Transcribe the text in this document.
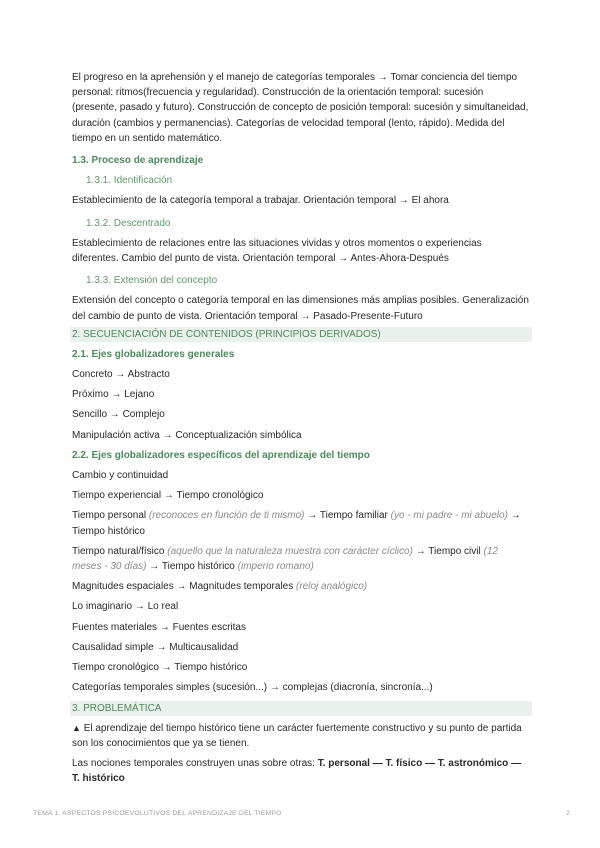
El progreso en la aprehensión y el manejo de categorías temporales → Tomar conciencia del tiempo personal: ritmos(frecuencia y regularidad). Construcción de la orientación temporal: sucesión (presente, pasado y futuro). Construcción de concepto de posición temporal: sucesión y simultaneidad, duración (cambios y permanencias). Categorías de velocidad temporal (lento, rápido). Medida del tiempo en un sentido matemático.

1.3. Proceso de aprendizaje

1.3.1. Identificación

Establecimiento de la categoría temporal a trabajar. Orientación temporal → El ahora

1.3.2. Descentrado

Establecimiento de relaciones entre las situaciones vividas y otros momentos o experiencias diferentes. Cambio del punto de vista. Orientación temporal → Antes-Ahora-Después

1.3.3. Extensión del concepto

Extensión del concepto o categoría temporal en las dimensiones más amplias posibles. Generalización del cambio de punto de vista. Orientación temporal → Pasado-Presente-Futuro

2. SECUENCIACIÓN DE CONTENIDOS (PRINCIPIOS DERIVADOS)

2.1. Ejes globalizadores generales

Concreto → Abstracto

Próximo → Lejano

Sencillo → Complejo

Manipulación activa → Conceptualización simbólica

2.2. Ejes globalizadores específicos del aprendizaje del tiempo

Cambio y continuidad

Tiempo experiencial → Tiempo cronológico

Tiempo personal (reconoces en función de ti mismo) → Tiempo familiar (yo - mi padre - mi abuelo) → Tiempo histórico

Tiempo natural/físico (aquello que la naturaleza muestra con carácter cíclico) → Tiempo civil (12 meses - 30 días) → Tiempo histórico (imperio romano)

Magnitudes espaciales → Magnitudes temporales (reloj analógico)

Lo imaginario → Lo real

Fuentes materiales → Fuentes escritas

Causalidad simple → Multicausalidad

Tiempo cronológico → Tiempo histórico

Categorías temporales simples (sucesión...) → complejas (diacronía, sincronía...)

3. PROBLEMÁTICA

▲ El aprendizaje del tiempo histórico tiene un carácter fuertemente constructivo y su punto de partida son los conocimientos que ya se tienen.

Las nociones temporales construyen unas sobre otras: T. personal — T. físico — T. astronómico — T. histórico

TEMA 1. ASPECTOS PSICOEVOLUTIVOS DEL APRENDIZAJE DEL TIEMPO	2
